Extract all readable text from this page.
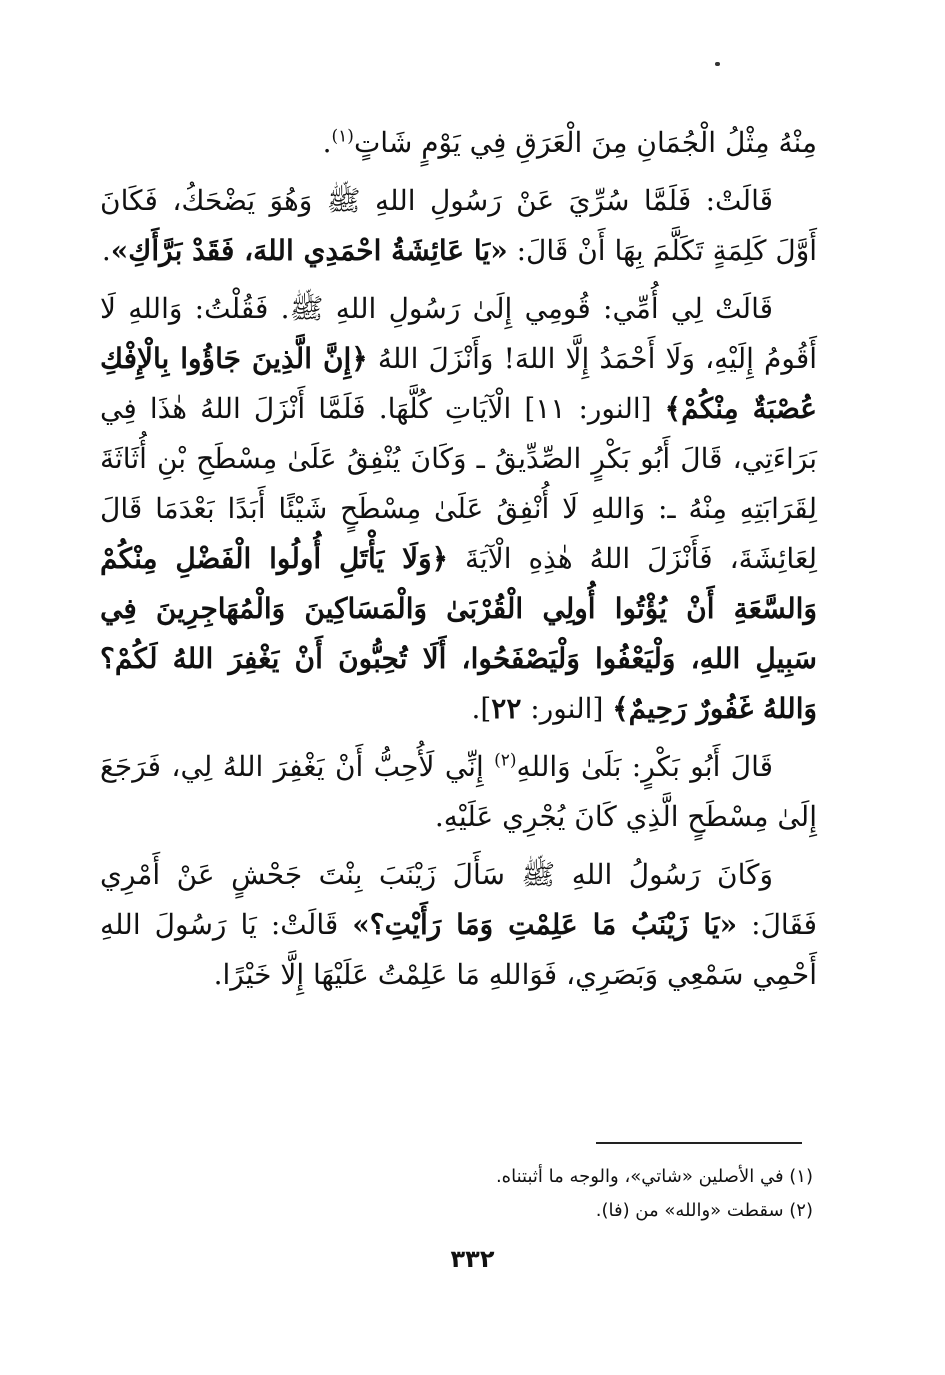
مِنْهُ مِثْلُ الْجُمَانِ مِنَ الْعَرَقِ فِي يَوْمٍ شَاتٍ$^{(١)}$.

قَالَتْ: فَلَمَّا سُرِّيَ عَنْ رَسُولِ اللهِ ﷺ وَهُوَ يَضْحَكُ، فَكَانَ أَوَّلَ كَلِمَةٍ تَكَلَّمَ بِهَا أَنْ قَالَ: «يَا عَائِشَةُ احْمَدِي اللهَ، فَقَدْ بَرَّأَكِ».

قَالَتْ لِي أُمِّي: قُومِي إِلَىٰ رَسُولِ اللهِ ﷺ. فَقُلْتُ: وَاللهِ لَا أَقُومُ إِلَيْهِ، وَلَا أَحْمَدُ إِلَّا اللهَ! وَأَنْزَلَ اللهُ ﴿إِنَّ الَّذِينَ جَاؤُوا بِالْإِفْكِ عُصْبَةٌ مِنْكُمْ﴾ [النور: ١١] الْآيَاتِ كُلَّهَا. فَلَمَّا أَنْزَلَ اللهُ هٰذَا فِي بَرَاءَتِي، قَالَ أَبُو بَكْرٍ الصِّدِّيقُ ـ وَكَانَ يُنْفِقُ عَلَىٰ مِسْطَحِ بْنِ أُثَاثَةَ لِقَرَابَتِهِ مِنْهُ ـ: وَاللهِ لَا أُنْفِقُ عَلَىٰ مِسْطَحٍ شَيْئًا أَبَدًا بَعْدَمَا قَالَ لِعَائِشَةَ، فَأَنْزَلَ اللهُ هٰذِهِ الْآيَةَ ﴿وَلَا يَأْتَلِ أُولُوا الْفَضْلِ مِنْكُمْ وَالسَّعَةِ أَنْ يُؤْتُوا أُولِي الْقُرْبَىٰ وَالْمَسَاكِينَ وَالْمُهَاجِرِينَ فِي سَبِيلِ اللهِ، وَلْيَعْفُوا وَلْيَصْفَحُوا، أَلَا تُحِبُّونَ أَنْ يَغْفِرَ اللهُ لَكُمْ؟ وَاللهُ غَفُورٌ رَحِيمٌ﴾ [النور: ٢٢].

قَالَ أَبُو بَكْرٍ: بَلَىٰ وَاللهِ$^{(٢)}$ إِنِّي لَأُحِبُّ أَنْ يَغْفِرَ اللهُ لِي، فَرَجَعَ إِلَىٰ مِسْطَحٍ الَّذِي كَانَ يُجْرِي عَلَيْهِ.

وَكَانَ رَسُولُ اللهِ ﷺ سَأَلَ زَيْنَبَ بِنْتَ جَحْشٍ عَنْ أَمْرِي فَقَالَ: «يَا زَيْنَبُ مَا عَلِمْتِ وَمَا رَأَيْتِ؟» قَالَتْ: يَا رَسُولَ اللهِ أَحْمِي سَمْعِي وَبَصَرِي، فَوَاللهِ مَا عَلِمْتُ عَلَيْهَا إِلَّا خَيْرًا.

(١) في الأصلين «شاتي»، والوجه ما أثبتناه.

(٢) سقطت «والله» من (فا).

٣٣٢
